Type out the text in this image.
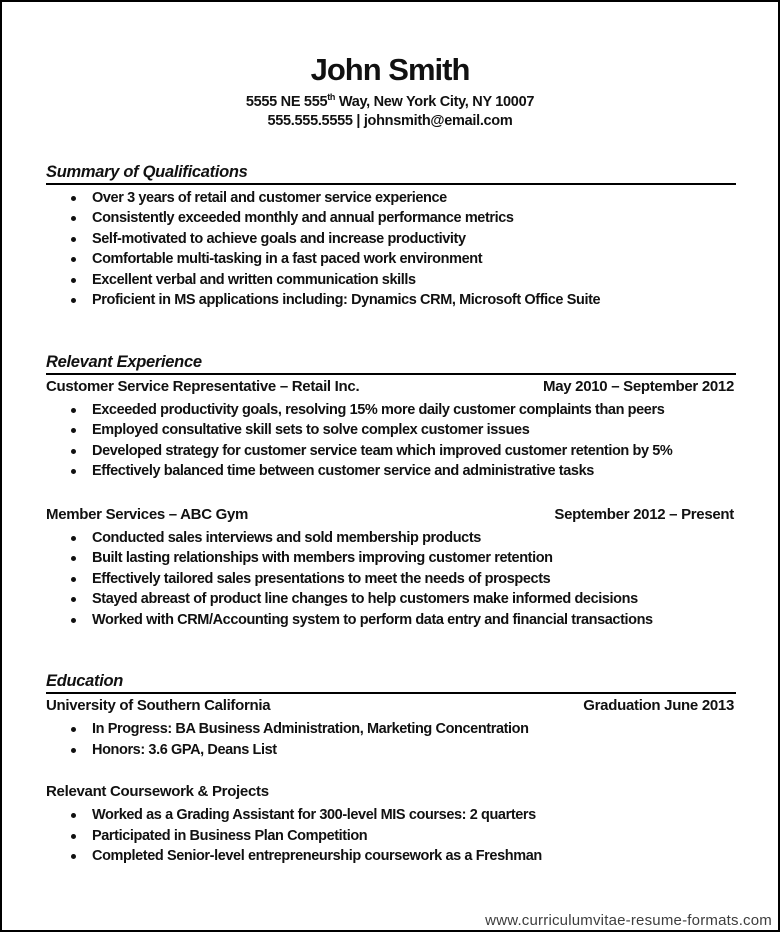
John Smith
5555 NE 555th Way, New York City, NY 10007
555.555.5555 | johnsmith@email.com
Summary of Qualifications
Over 3 years of retail and customer service experience
Consistently exceeded monthly and annual performance metrics
Self-motivated to achieve goals and increase productivity
Comfortable multi-tasking in a fast paced work environment
Excellent verbal and written communication skills
Proficient in MS applications including: Dynamics CRM, Microsoft Office Suite
Relevant Experience
Customer Service Representative – Retail Inc.	May 2010 – September 2012
Exceeded productivity goals, resolving 15% more daily customer complaints than peers
Employed consultative skill sets to solve complex customer issues
Developed strategy for customer service team which improved customer retention by 5%
Effectively balanced time between customer service and administrative tasks
Member Services – ABC Gym	September 2012 – Present
Conducted sales interviews and sold membership products
Built lasting relationships with members improving customer retention
Effectively tailored sales presentations to meet the needs of prospects
Stayed abreast of product line changes to help customers make informed decisions
Worked with CRM/Accounting system to perform data entry and financial transactions
Education
University of Southern California	Graduation June 2013
In Progress: BA Business Administration, Marketing Concentration
Honors: 3.6 GPA, Deans List
Relevant Coursework & Projects
Worked as a Grading Assistant for 300-level MIS courses: 2 quarters
Participated in Business Plan Competition
Completed Senior-level entrepreneurship coursework as a Freshman
www.curriculumvitae-resume-formats.com
